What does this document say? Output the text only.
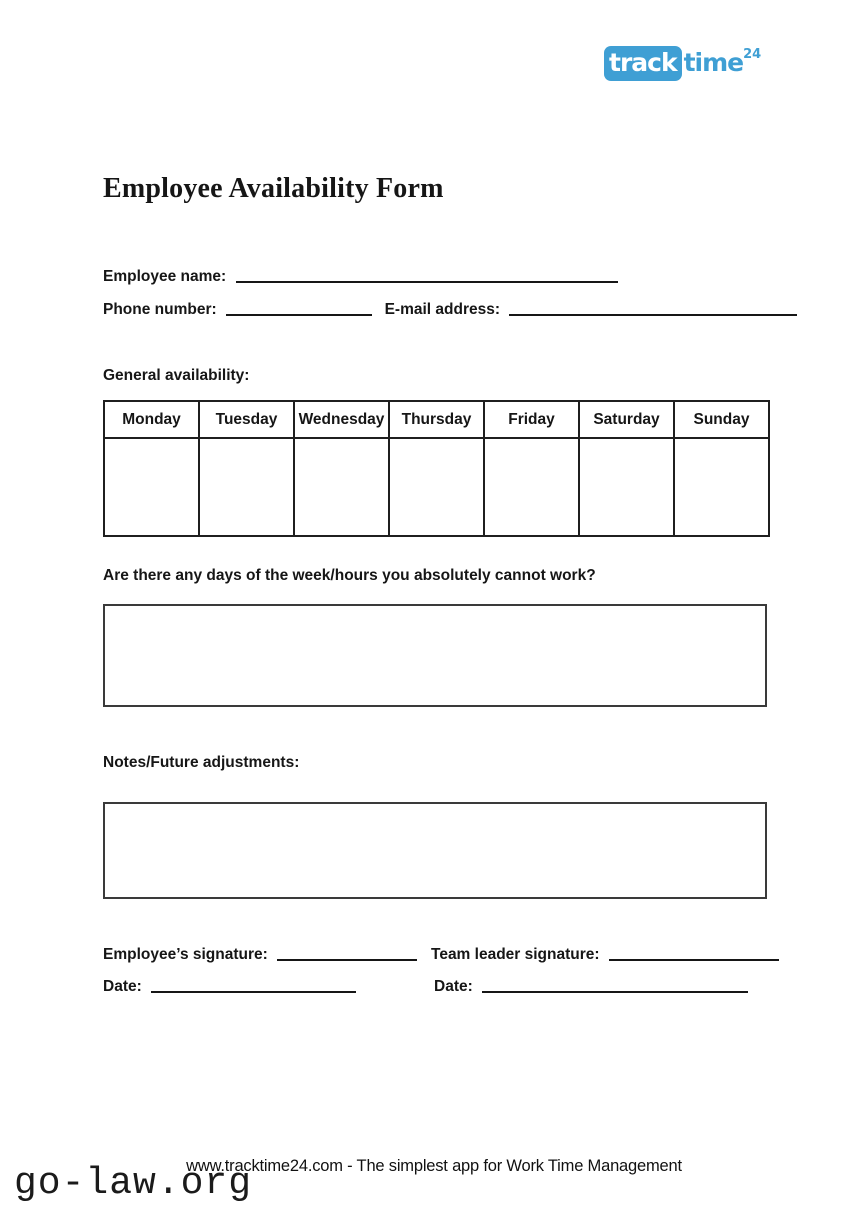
track time 24
Employee Availability Form
Employee name:
Phone number:	E-mail address:
General availability:
Monday	Tuesday	Wednesday	Thursday	Friday	Saturday	Sunday

Are there any days of the week/hours you absolutely cannot work?
Notes/Future adjustments:
Employee’s signature:	Team leader signature:
Date:	Date:
www.tracktime24.com - The simplest app for Work Time Management
go-law.org
